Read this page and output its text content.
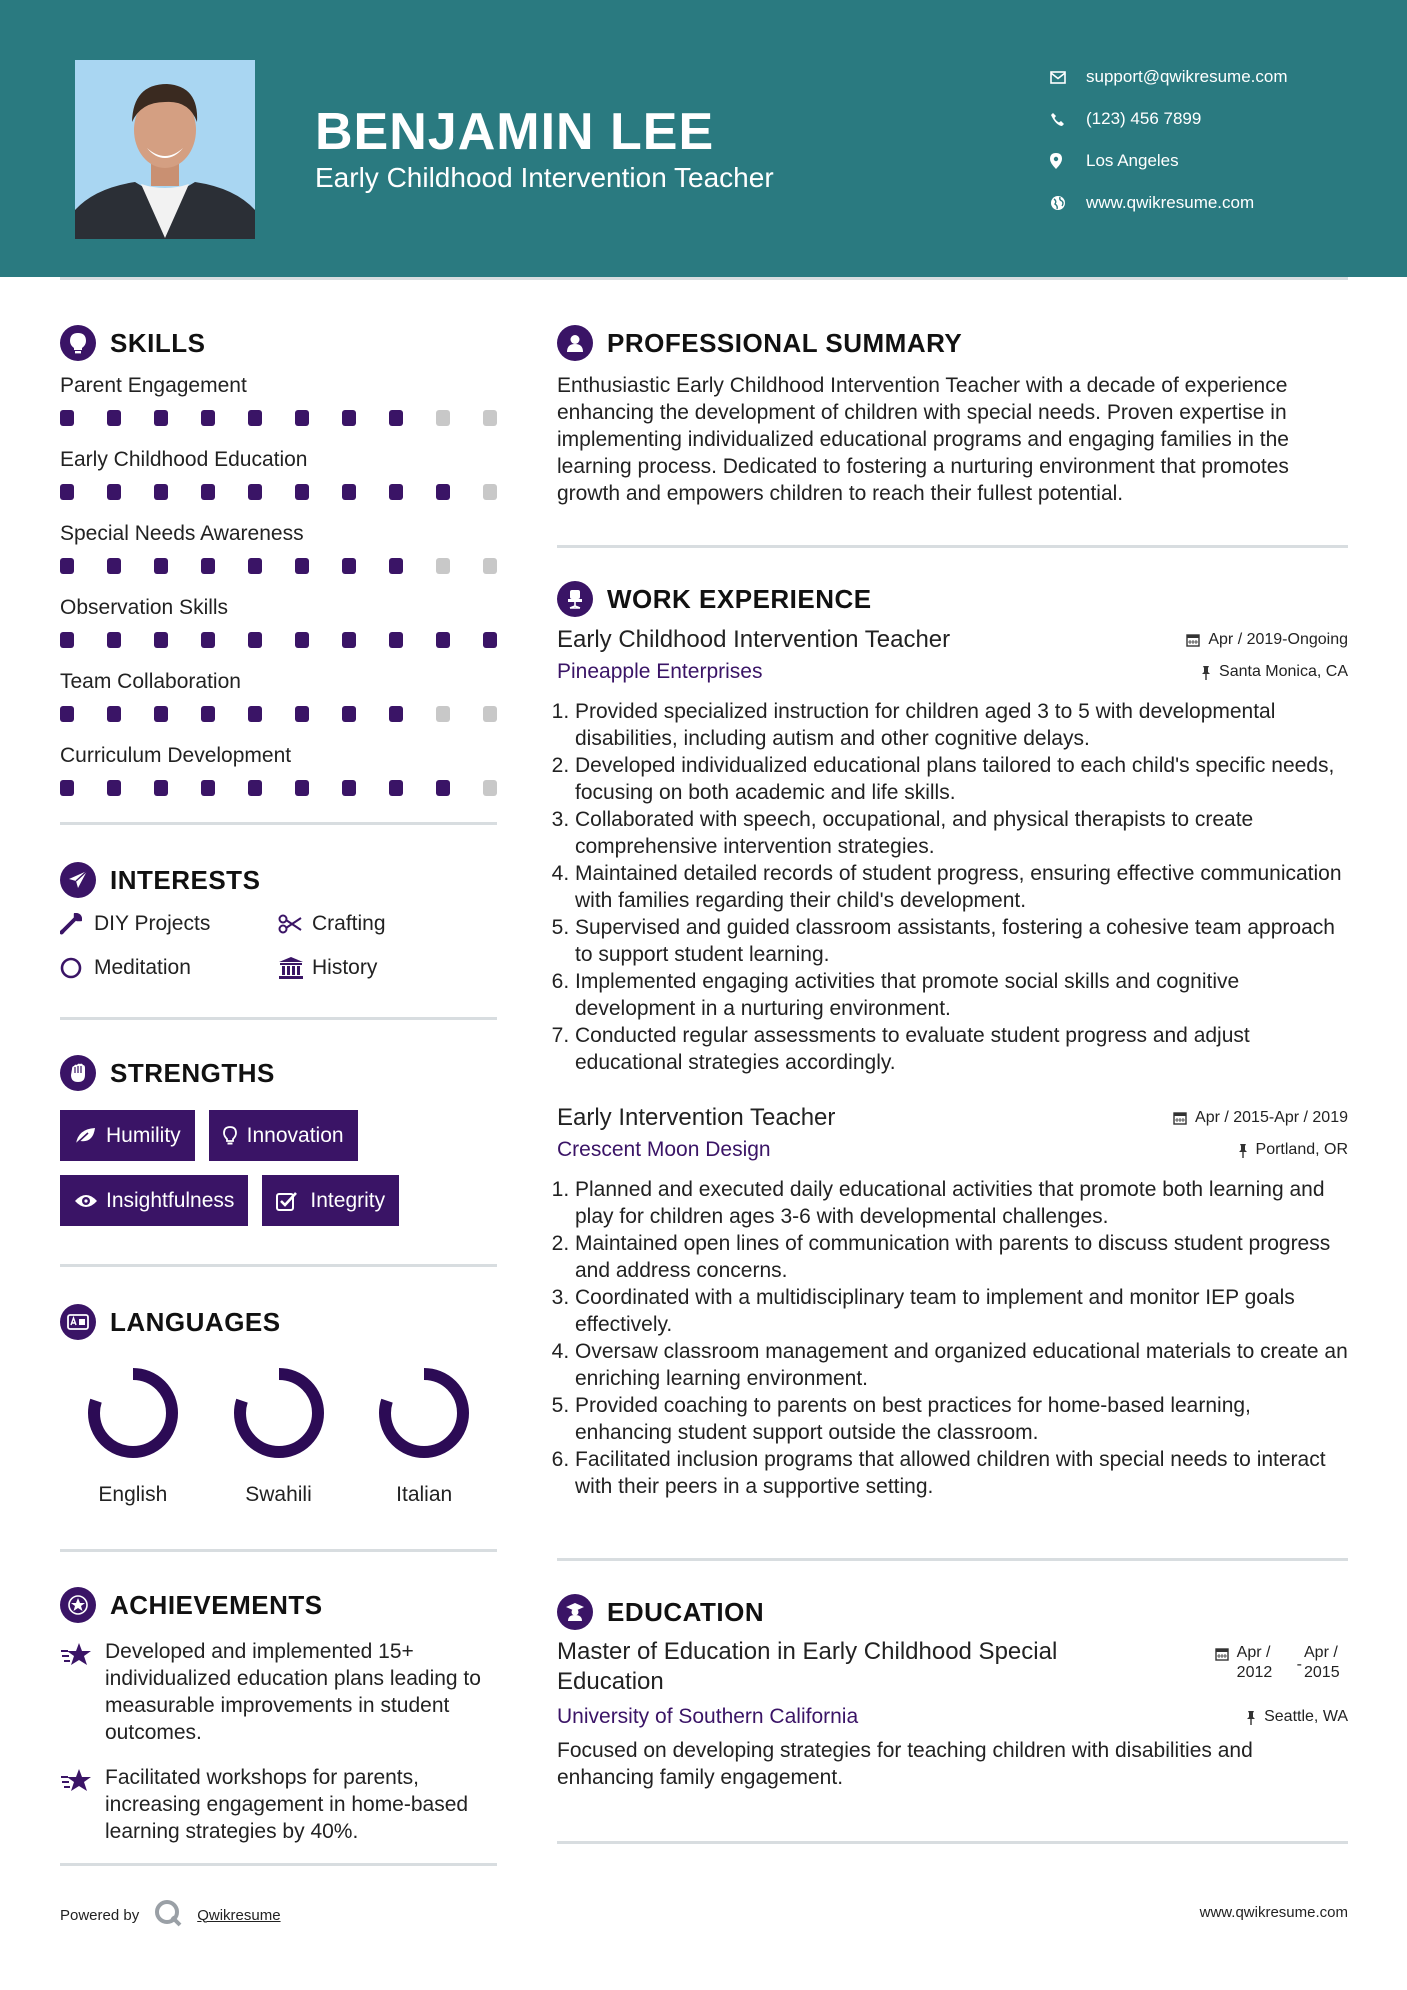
BENJAMIN LEE
Early Childhood Intervention Teacher
support@qwikresume.com
(123) 456 7899
Los Angeles
www.qwikresume.com
SKILLS
Parent Engagement
Early Childhood Education
Special Needs Awareness
Observation Skills
Team Collaboration
Curriculum Development
INTERESTS
DIY Projects	Crafting
Meditation	History
STRENGTHS
Humility	Innovation
Insightfulness	Integrity
LANGUAGES
English	Swahili	Italian
ACHIEVEMENTS

Developed and implemented 15+ individualized education plans leading to measurable improvements in student outcomes.

Facilitated workshops for parents, increasing engagement in home-based learning strategies by 40%.

Powered by	Qwikresume
PROFESSIONAL SUMMARY

Enthusiastic Early Childhood Intervention Teacher with a decade of experience enhancing the development of children with special needs. Proven expertise in implementing individualized educational programs and engaging families in the learning process. Dedicated to fostering a nurturing environment that promotes growth and empowers children to reach their fullest potential.

WORK EXPERIENCE
Early Childhood Intervention Teacher	Apr / 2019-Ongoing
Pineapple Enterprises	Santa Monica, CA
1. Provided specialized instruction for children aged 3 to 5 with developmental disabilities, including autism and other cognitive delays.
2. Developed individualized educational plans tailored to each child's specific needs, focusing on both academic and life skills.
3. Collaborated with speech, occupational, and physical therapists to create comprehensive intervention strategies.
4. Maintained detailed records of student progress, ensuring effective communication with families regarding their child's development.
5. Supervised and guided classroom assistants, fostering a cohesive team approach to support student learning.
6. Implemented engaging activities that promote social skills and cognitive development in a nurturing environment.
7. Conducted regular assessments to evaluate student progress and adjust educational strategies accordingly.
Early Intervention Teacher	Apr / 2015-Apr / 2019
Crescent Moon Design	Portland, OR
1. Planned and executed daily educational activities that promote both learning and play for children ages 3-6 with developmental challenges.
2. Maintained open lines of communication with parents to discuss student progress and address concerns.
3. Coordinated with a multidisciplinary team to implement and monitor IEP goals effectively.
4. Oversaw classroom management and organized educational materials to create an enriching learning environment.
5. Provided coaching to parents on best practices for home-based learning, enhancing student support outside the classroom.
6. Facilitated inclusion programs that allowed children with special needs to interact with their peers in a supportive setting.
EDUCATION
Master of Education in Early Childhood Special Education
Apr / 2012	-
Apr / 2015
University of Southern California	Seattle, WA

Focused on developing strategies for teaching children with disabilities and enhancing family engagement.

www.qwikresume.com
